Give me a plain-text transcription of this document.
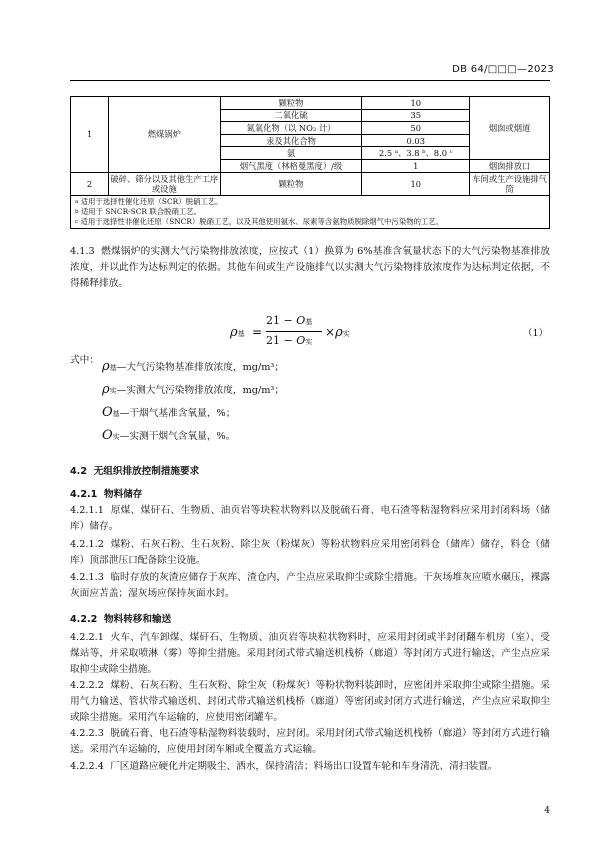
DB 64/□□□—2023
1	燃煤锅炉	颗粒物	10	烟囱或烟道
		二氧化硫	35	
		氮氧化物（以 NO₂ 计）	50	
		汞及其化合物	0.03	
		氨	2.5 ᵃ、3.8 ᵇ、8.0 ᶜ	
		烟气黑度（林格曼黑度）/级	1	烟囱排放口
2	破碎、筛分以及其他生产工序或设施	颗粒物	10	车间或生产设施排气筒

$^a$ 适用于选择性催化还原（SCR）脱硝工艺。
$^b$ 适用于 SNCR-SCR 联合脱硝工艺。
$^c$ 适用于选择性非催化还原（SNCR）脱硝工艺，以及其他使用氨水、尿素等含氨物质脱除烟气中污染物的工艺。				
4.1.3 燃煤锅炉的实测大气污染物排放浓度，应按式（1）换算为 6%基准含氧量状态下的大气污染物基准排放浓度，并以此作为达标判定的依据。其他车间或生产设施排气以实测大气污染物排放浓度作为达标判定依据，不得稀释排放。
ρ基 =
21 − O基
21 − O实
×ρ实	（1）
式中： ρ基—大气污染物基准排放浓度，mg/m³；
ρ实—实测大气污染物排放浓度，mg/m³；
O基—干烟气基准含氧量，%；
O实—实测干烟气含氧量，%。
4.2 无组织排放控制措施要求
4.2.1 物料储存
4.2.1.1 原煤、煤矸石、生物质、油页岩等块粒状物料以及脱硫石膏、电石渣等粘湿物料应采用封闭料场（储库）储存。
4.2.1.2 煤粉、石灰石粉、生石灰粉、除尘灰（粉煤灰）等粉状物料应采用密闭料仓（储库）储存，料仓（储库）顶部泄压口配备除尘设施。
4.2.1.3 临时存放的灰渣应储存于灰库、渣仓内，产尘点应采取抑尘或除尘措施。干灰场堆灰应喷水碾压，裸露灰面应苫盖；湿灰场应保持灰面水封。
4.2.2 物料转移和输送
4.2.2.1 火车、汽车卸煤、煤矸石、生物质、油页岩等块粒状物料时，应采用封闭或半封闭翻车机房（室）、受煤站等，并采取喷淋（雾）等抑尘措施。采用封闭式带式输送机栈桥（廊道）等封闭方式进行输送，产尘点应采取抑尘或除尘措施。
4.2.2.2 煤粉、石灰石粉、生石灰粉、除尘灰（粉煤灰）等粉状物料装卸时，应密闭并采取抑尘或除尘措施。采用气力输送、管状带式输送机、封闭式带式输送机栈桥（廊道）等密闭或封闭方式进行输送，产尘点应采取抑尘或除尘措施。采用汽车运输的，应使用密闭罐车。
4.2.2.3 脱硫石膏、电石渣等粘湿物料装载时，应封闭。采用封闭式带式输送机栈桥（廊道）等封闭方式进行输送。采用汽车运输的，应使用封闭车厢或全覆盖方式运输。
4.2.2.4 厂区道路应硬化并定期吸尘、洒水，保持清洁；料场出口设置车轮和车身清洗、清扫装置。
4
